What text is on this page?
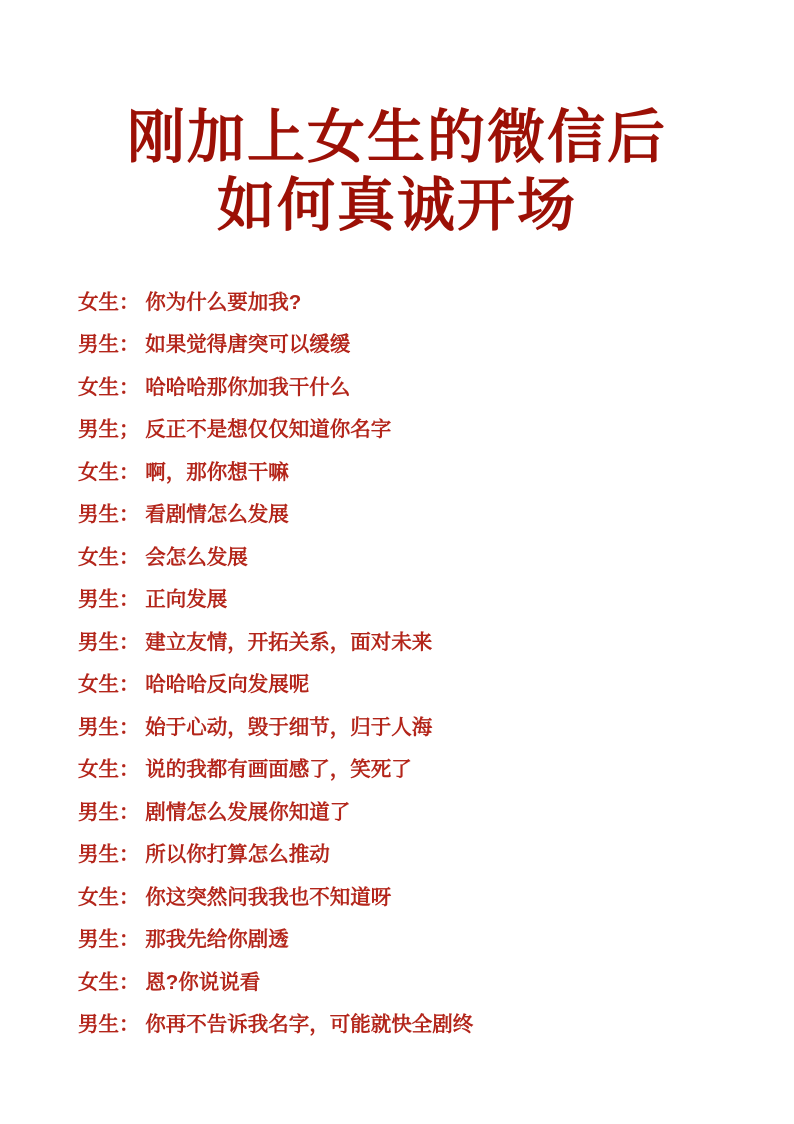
刚加上女生的微信后
如何真诚开场
女生： 你为什么要加我?
男生： 如果觉得唐突可以缓缓
女生： 哈哈哈那你加我干什么
男生； 反正不是想仅仅知道你名字
女生： 啊，那你想干嘛
男生： 看剧情怎么发展
女生： 会怎么发展
男生： 正向发展
男生： 建立友情，开拓关系，面对未来
女生： 哈哈哈反向发展呢
男生： 始于心动，毁于细节，归于人海
女生： 说的我都有画面感了，笑死了
男生： 剧情怎么发展你知道了
男生： 所以你打算怎么推动
女生： 你这突然问我我也不知道呀
男生： 那我先给你剧透
女生： 恩?你说说看
男生： 你再不告诉我名字，可能就快全剧终
